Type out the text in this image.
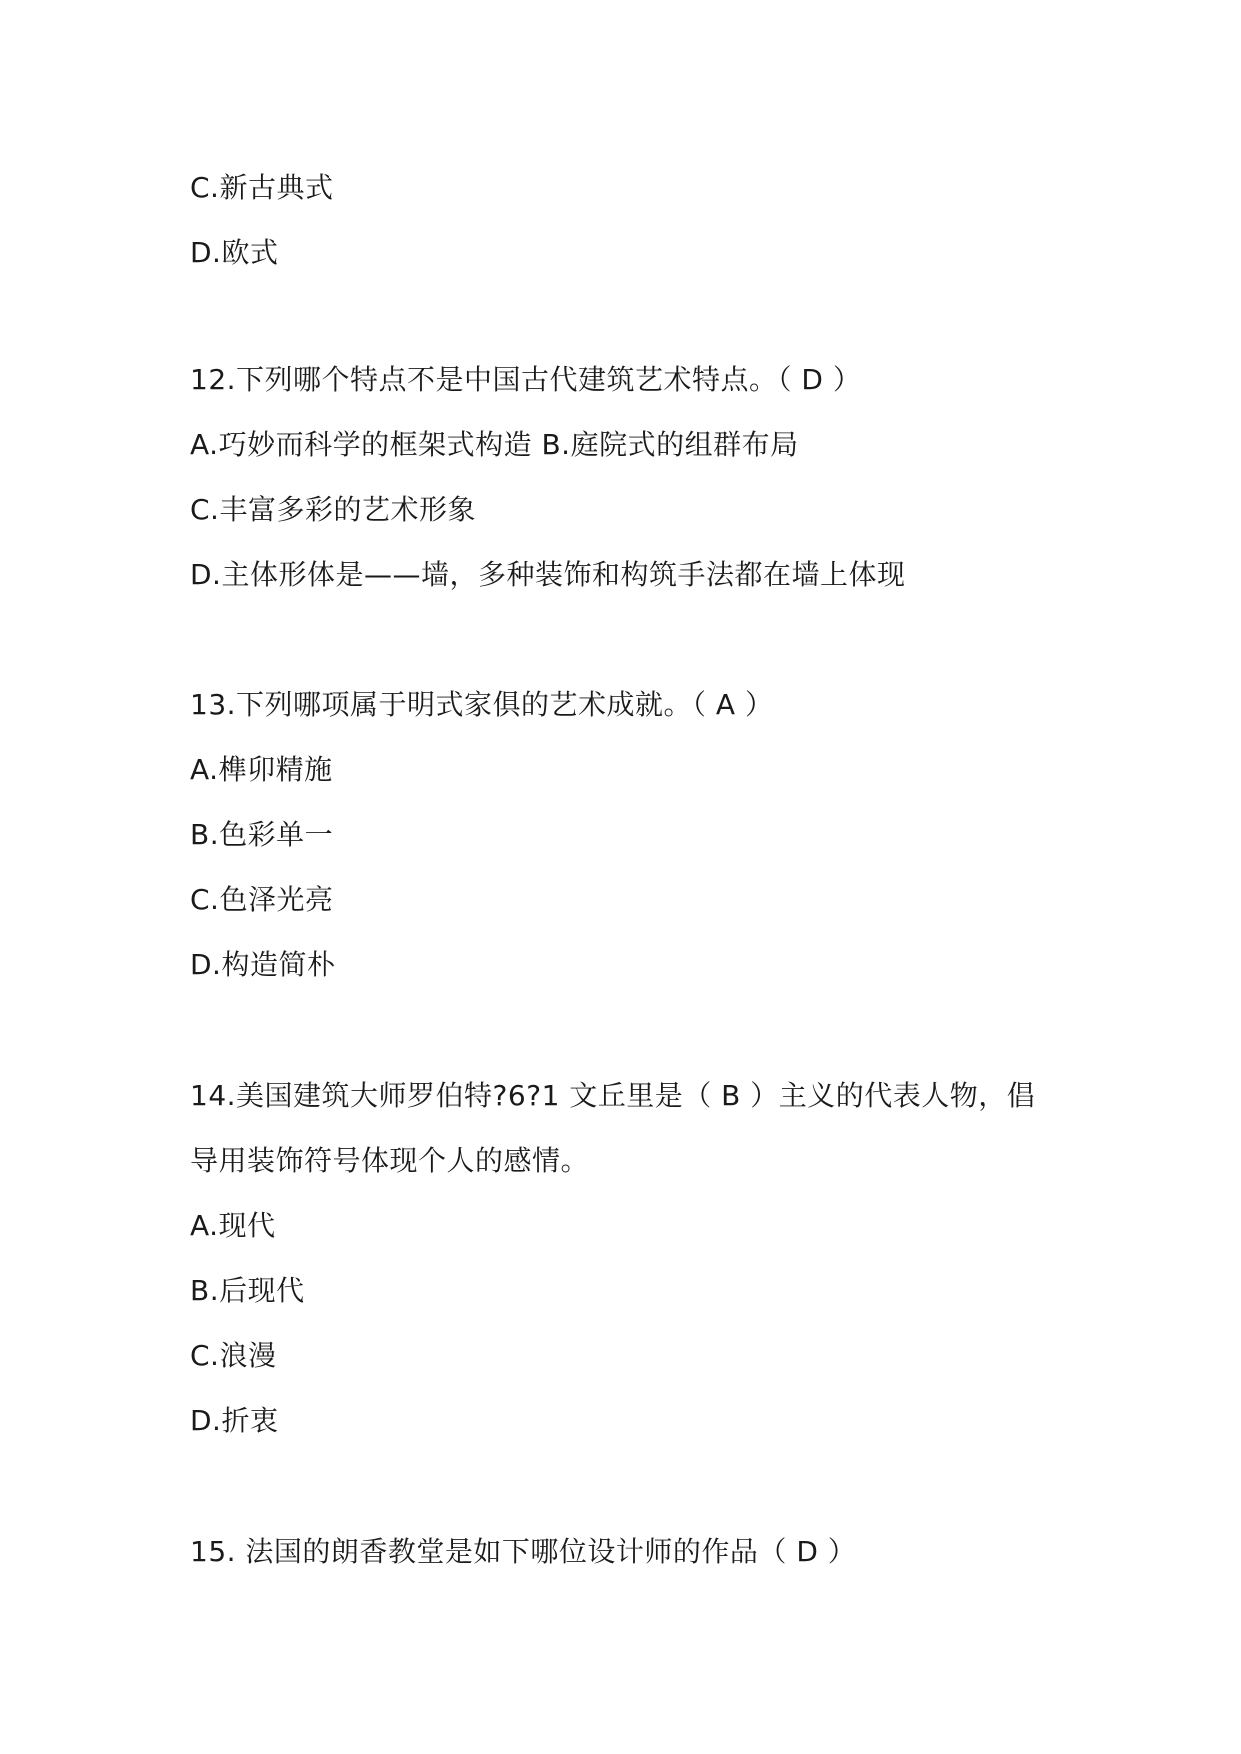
C.新古典式
D.欧式
12.下列哪个特点不是中国古代建筑艺术特点。（ D ）
A.巧妙而科学的框架式构造 B.庭院式的组群布局
C.丰富多彩的艺术形象
D.主体形体是——墙，多种装饰和构筑手法都在墙上体现
13.下列哪项属于明式家俱的艺术成就。（ A ）
A.榫卯精施
B.色彩单一
C.色泽光亮
D.构造简朴
14.美国建筑大师罗伯特?6?1 文丘里是（ B ）主义的代表人物，倡
导用装饰符号体现个人的感情。
A.现代
B.后现代
C.浪漫
D.折衷
15. 法国的朗香教堂是如下哪位设计师的作品（ D ）
